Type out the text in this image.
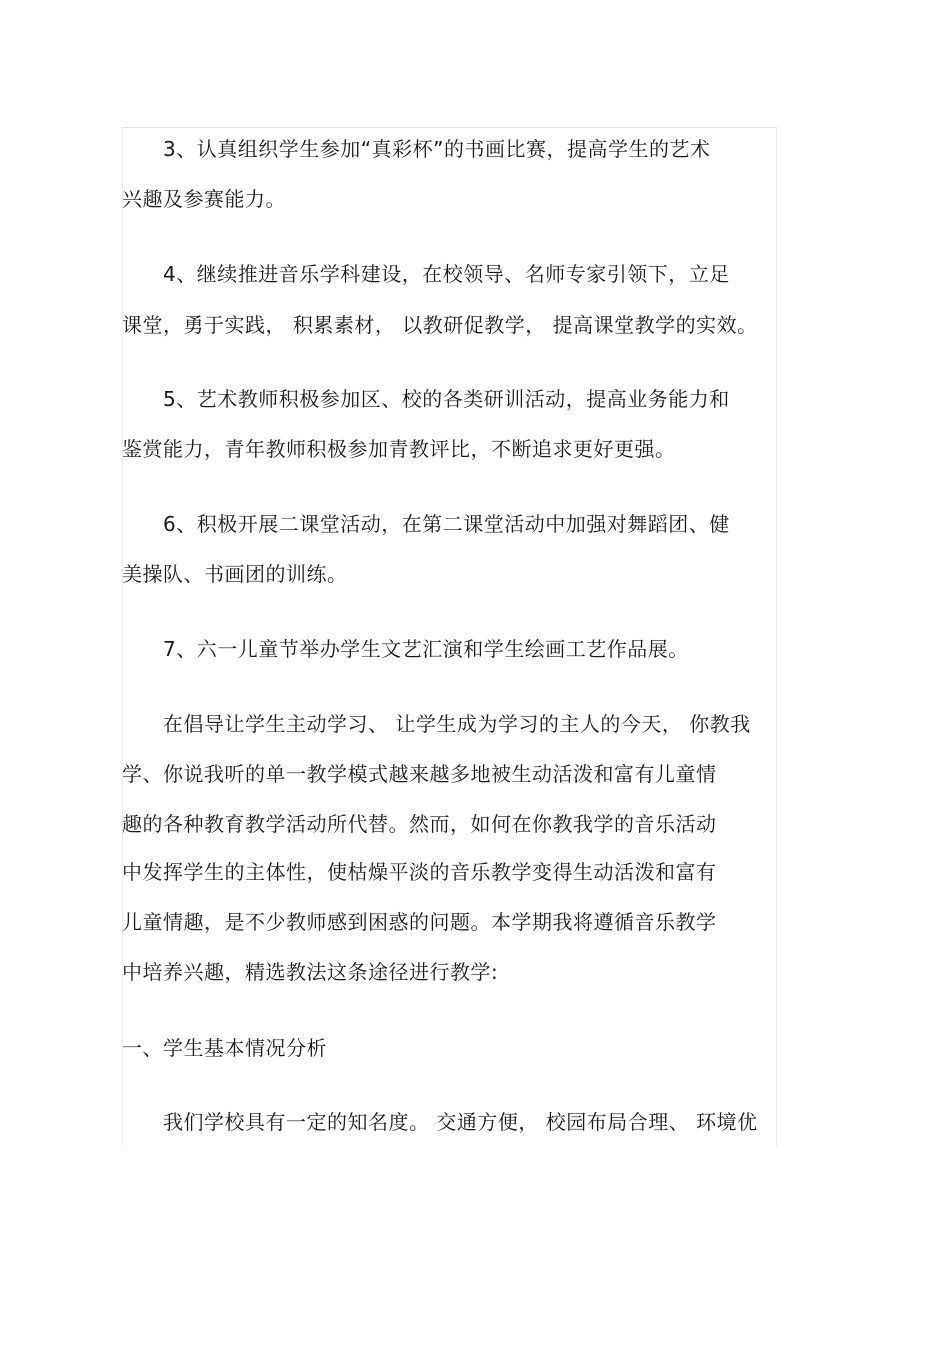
3、认真组织学生参加“真彩杯”的书画比赛，提高学生的艺术
兴趣及参赛能力。
4、继续推进音乐学科建设，在校领导、名师专家引领下，立足
课堂，勇于实践， 积累素材， 以教研促教学， 提高课堂教学的实效。
5、艺术教师积极参加区、校的各类研训活动，提高业务能力和
鉴赏能力，青年教师积极参加青教评比，不断追求更好更强。
6、积极开展二课堂活动，在第二课堂活动中加强对舞蹈团、健
美操队、书画团的训练。
7、六一儿童节举办学生文艺汇演和学生绘画工艺作品展。
在倡导让学生主动学习、 让学生成为学习的主人的今天， 你教我
学、你说我听的单一教学模式越来越多地被生动活泼和富有儿童情
趣的各种教育教学活动所代替。然而，如何在你教我学的音乐活动
中发挥学生的主体性，使枯燥平淡的音乐教学变得生动活泼和富有
儿童情趣，是不少教师感到困惑的问题。本学期我将遵循音乐教学
中培养兴趣，精选教法这条途径进行教学:
一、学生基本情况分析
我们学校具有一定的知名度。 交通方便， 校园布局合理、 环境优
